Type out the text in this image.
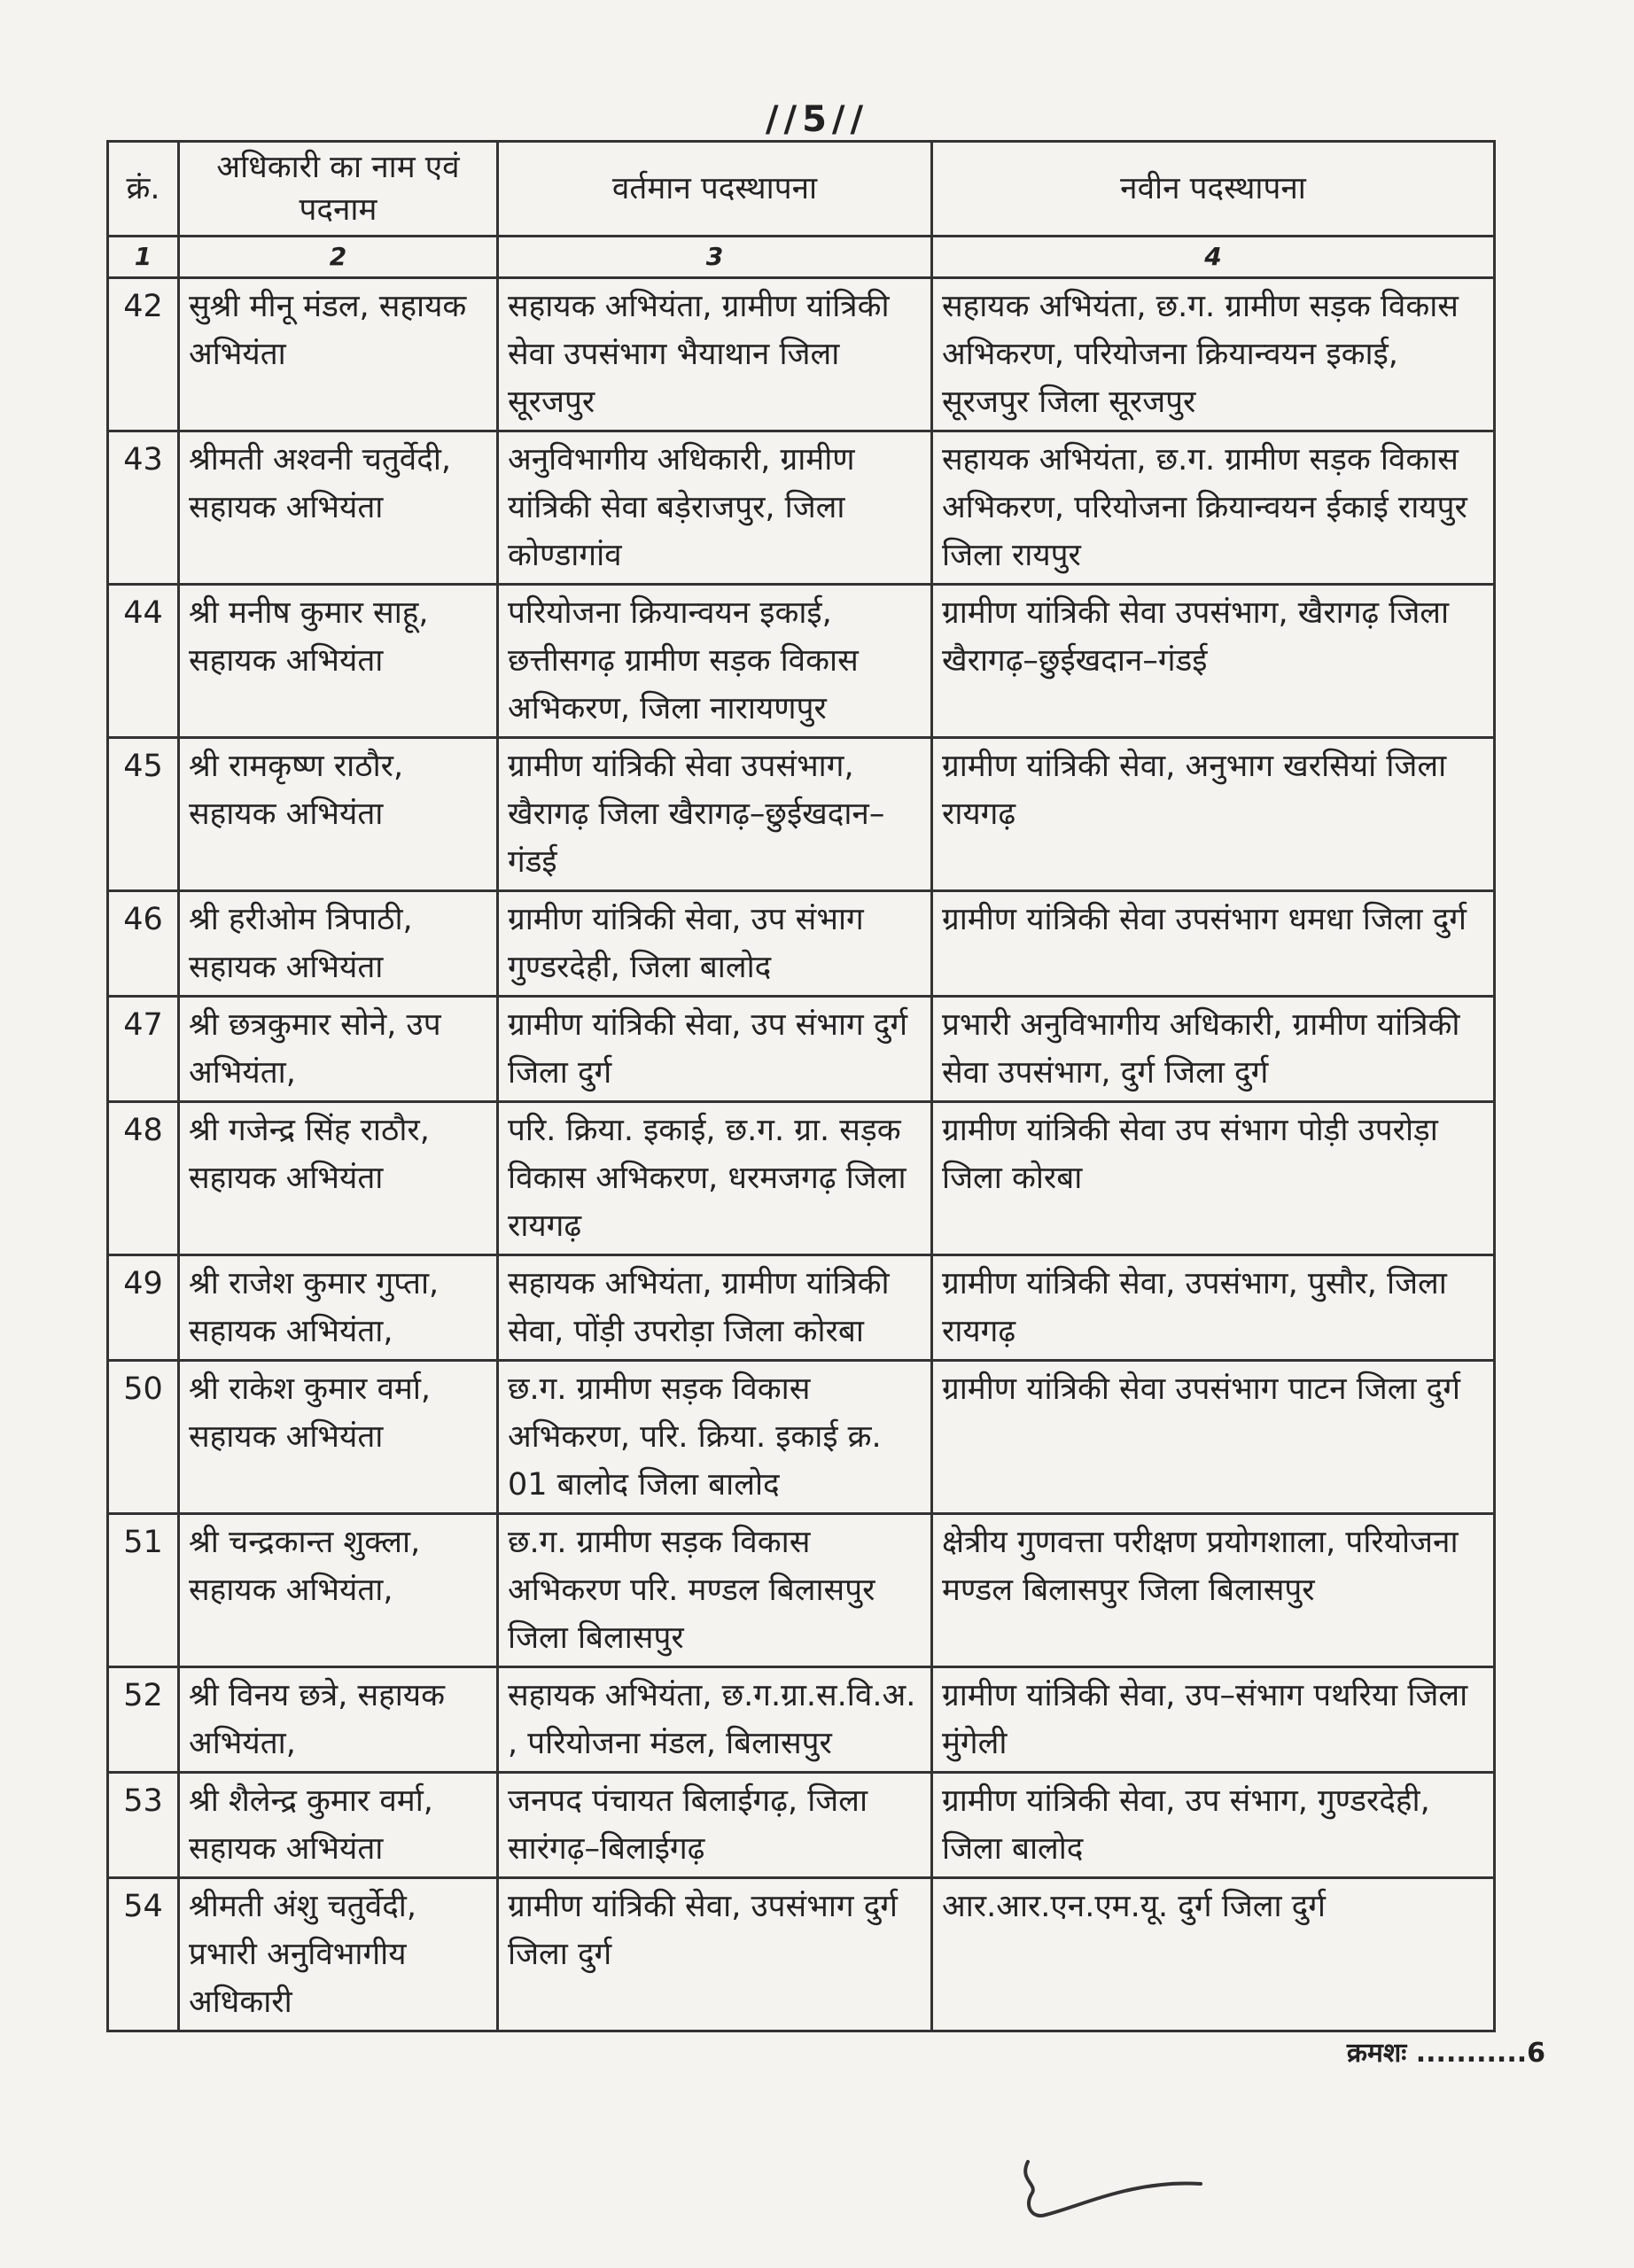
//5//
क्रं.	अधिकारी का नाम एवं पदनाम	वर्तमान पदस्थापना	नवीन पदस्थापना
1	2	3	4
42	सुश्री मीनू मंडल, सहायक अभियंता	सहायक अभियंता, ग्रामीण यांत्रिकी सेवा उपसंभाग भैयाथान जिला सूरजपुर	सहायक अभियंता, छ.ग. ग्रामीण सड़क विकास अभिकरण, परियोजना क्रियान्वयन इकाई, सूरजपुर जिला सूरजपुर
43	श्रीमती अश्वनी चतुर्वेदी, सहायक अभियंता	अनुविभागीय अधिकारी, ग्रामीण यांत्रिकी सेवा बड़ेराजपुर, जिला कोण्डागांव	सहायक अभियंता, छ.ग. ग्रामीण सड़क विकास अभिकरण, परियोजना क्रियान्वयन ईकाई रायपुर जिला रायपुर
44	श्री मनीष कुमार साहू, सहायक अभियंता	परियोजना क्रियान्वयन इकाई, छत्तीसगढ़ ग्रामीण सड़क विकास अभिकरण, जिला नारायणपुर	ग्रामीण यांत्रिकी सेवा उपसंभाग, खैरागढ़ जिला खैरागढ़–छुईखदान–गंडई
45	श्री रामकृष्ण राठौर, सहायक अभियंता	ग्रामीण यांत्रिकी सेवा उपसंभाग, खैरागढ़ जिला खैरागढ़–छुईखदान–गंडई	ग्रामीण यांत्रिकी सेवा, अनुभाग खरसियां जिला रायगढ़
46	श्री हरीओम त्रिपाठी, सहायक अभियंता	ग्रामीण यांत्रिकी सेवा, उप संभाग गुण्डरदेही, जिला बालोद	ग्रामीण यांत्रिकी सेवा उपसंभाग धमधा जिला दुर्ग
47	श्री छत्रकुमार सोने, उप अभियंता,	ग्रामीण यांत्रिकी सेवा, उप संभाग दुर्ग जिला दुर्ग	प्रभारी अनुविभागीय अधिकारी, ग्रामीण यांत्रिकी सेवा उपसंभाग, दुर्ग जिला दुर्ग
48	श्री गजेन्द्र सिंह राठौर, सहायक अभियंता	परि. क्रिया. इकाई, छ.ग. ग्रा. सड़क विकास अभिकरण, धरमजगढ़ जिला रायगढ़	ग्रामीण यांत्रिकी सेवा उप संभाग पोड़ी उपरोड़ा जिला कोरबा
49	श्री राजेश कुमार गुप्ता, सहायक अभियंता,	सहायक अभियंता, ग्रामीण यांत्रिकी सेवा, पोंड़ी उपरोड़ा जिला कोरबा	ग्रामीण यांत्रिकी सेवा, उपसंभाग, पुसौर, जिला रायगढ़
50	श्री राकेश कुमार वर्मा, सहायक अभियंता	छ.ग. ग्रामीण सड़क विकास अभिकरण, परि. क्रिया. इकाई क्र. 01 बालोद जिला बालोद	ग्रामीण यांत्रिकी सेवा उपसंभाग पाटन जिला दुर्ग
51	श्री चन्द्रकान्त शुक्ला, सहायक अभियंता,	छ.ग. ग्रामीण सड़क विकास अभिकरण परि. मण्डल बिलासपुर जिला बिलासपुर	क्षेत्रीय गुणवत्ता परीक्षण प्रयोगशाला, परियोजना मण्डल बिलासपुर जिला बिलासपुर
52	श्री विनय छत्रे, सहायक अभियंता,	सहायक अभियंता, छ.ग.ग्रा.स.वि.अ. , परियोजना मंडल, बिलासपुर	ग्रामीण यांत्रिकी सेवा, उप–संभाग पथरिया जिला मुंगेली
53	श्री शैलेन्द्र कुमार वर्मा, सहायक अभियंता	जनपद पंचायत बिलाईगढ़, जिला सारंगढ़–बिलाईगढ़	ग्रामीण यांत्रिकी सेवा, उप संभाग, गुण्डरदेही, जिला बालोद
54	श्रीमती अंशु चतुर्वेदी, प्रभारी अनुविभागीय अधिकारी	ग्रामीण यांत्रिकी सेवा, उपसंभाग दुर्ग जिला दुर्ग	आर.आर.एन.एम.यू. दुर्ग जिला दुर्ग
क्रमशः ...........6
